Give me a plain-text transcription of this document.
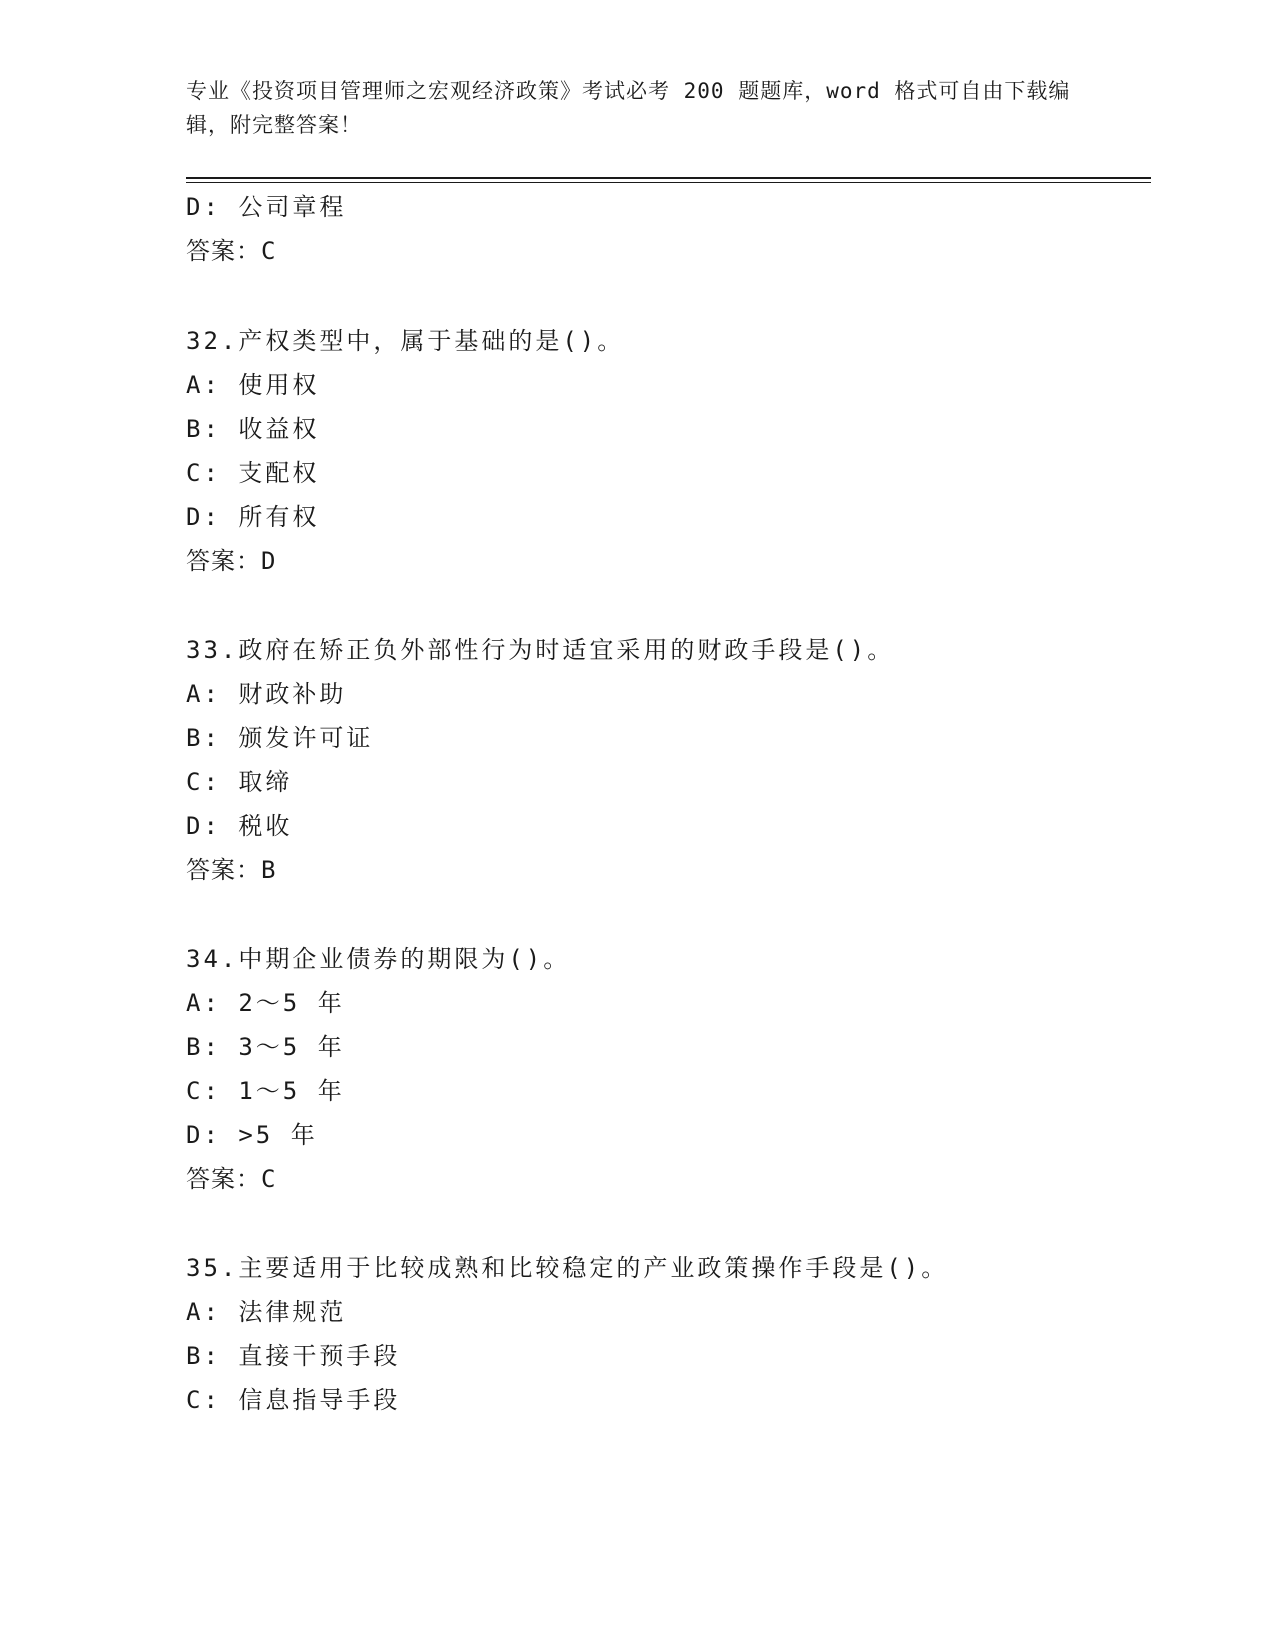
专业《投资项目管理师之宏观经济政策》考试必考 200 题题库，word 格式可自由下载编辑，附完整答案！
D: 公司章程
答案：C
32.产权类型中，属于基础的是()。
A: 使用权
B: 收益权
C: 支配权
D: 所有权
答案：D
33.政府在矫正负外部性行为时适宜采用的财政手段是()。
A: 财政补助
B: 颁发许可证
C: 取缔
D: 税收
答案：B
34.中期企业债券的期限为()。
A: 2～5 年
B: 3～5 年
C: 1～5 年
D: >5 年
答案：C
35.主要适用于比较成熟和比较稳定的产业政策操作手段是()。
A: 法律规范
B: 直接干预手段
C: 信息指导手段
